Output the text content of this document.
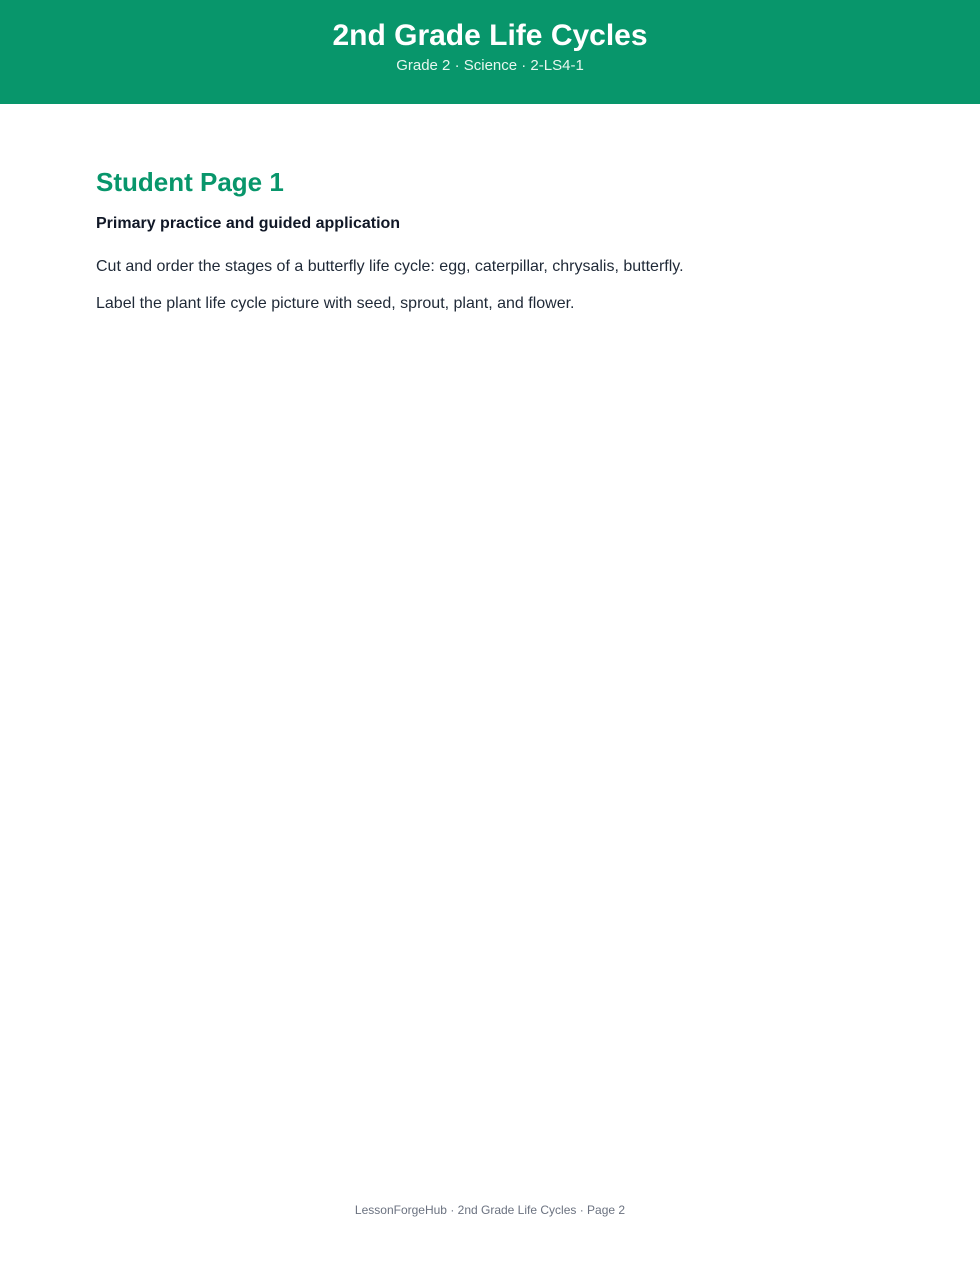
2nd Grade Life Cycles
Grade 2 · Science · 2-LS4-1
Student Page 1
Primary practice and guided application
Cut and order the stages of a butterfly life cycle: egg, caterpillar, chrysalis, butterfly.
Label the plant life cycle picture with seed, sprout, plant, and flower.
LessonForgeHub · 2nd Grade Life Cycles · Page 2
